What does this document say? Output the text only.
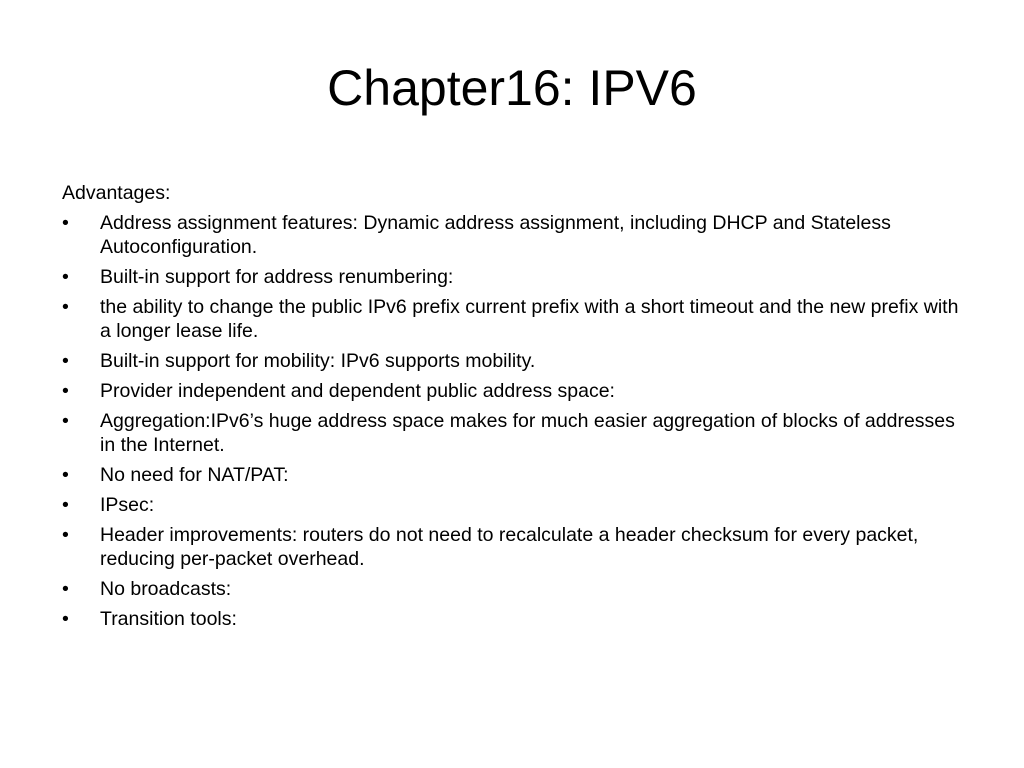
Chapter16: IPV6

Advantages:

• Address assignment features: Dynamic address assignment, including DHCP and Stateless Autoconfiguration.
• Built-in support for address renumbering:
• the ability to change the public IPv6 prefix current prefix with a short timeout and the new prefix with a longer lease life.
• Built-in support for mobility: IPv6 supports mobility.
• Provider independent and dependent public address space:
• Aggregation:IPv6’s huge address space makes for much easier aggregation of blocks of addresses in the Internet.
• No need for NAT/PAT:
• IPsec:
• Header improvements: routers do not need to recalculate a header checksum for every packet, reducing per-packet overhead.
• No broadcasts:
• Transition tools:
